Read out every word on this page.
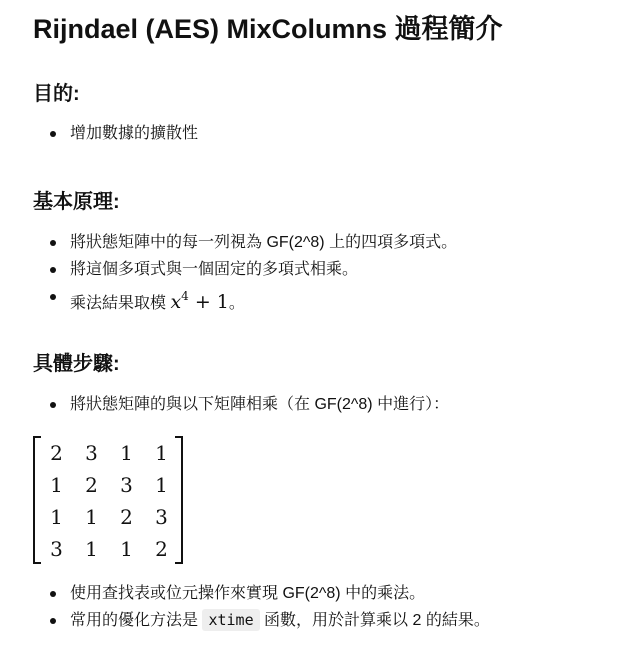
Rijndael (AES) MixColumns 過程簡介
目的:
增加數據的擴散性
基本原理:
將狀態矩陣中的每一列視為 GF(2^8) 上的四項多項式。
將這個多項式與一個固定的多項式相乘。
乘法結果取模 $x^4 + 1$。
具體步驟:
將狀態矩陣的與以下矩陣相乘（在 GF(2^8) 中進行）：
2	3	1	1
1	2	3	1
1	1	2	3
3	1	1	2
使用查找表或位元操作來實現 GF(2^8) 中的乘法。
常用的優化方法是 xtime 函數，用於計算乘以 2 的結果。
